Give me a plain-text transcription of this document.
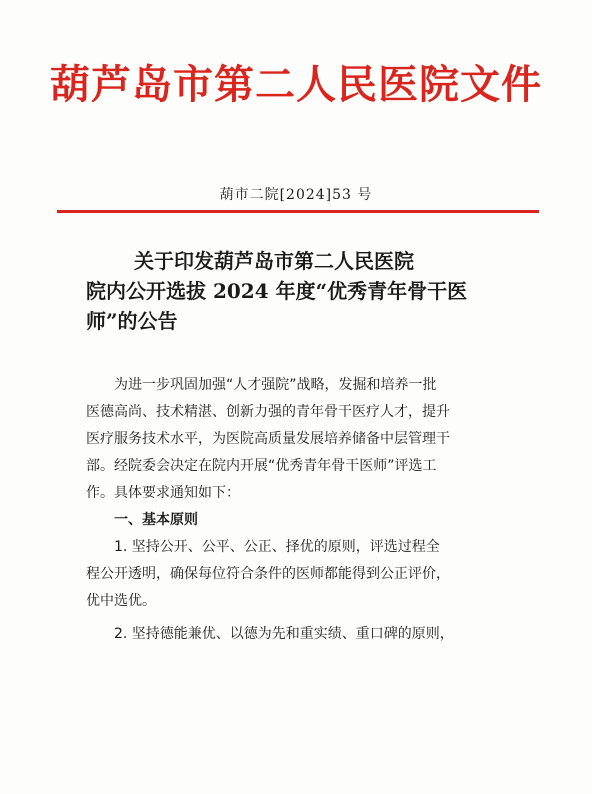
葫芦岛市第二人民医院文件
葫市二院[2024]53 号
关于印发葫芦岛市第二人民医院
院内公开选拔 2024 年度“优秀青年骨干医
师”的公告
为进一步巩固加强“人才强院”战略，发掘和培养一批
医德高尚、技术精湛、创新力强的青年骨干医疗人才，提升
医疗服务技术水平，为医院高质量发展培养储备中层管理干
部。经院委会决定在院内开展“优秀青年骨干医师”评选工
作。具体要求通知如下：
一、基本原则
1. 坚持公开、公平、公正、择优的原则，评选过程全
程公开透明，确保每位符合条件的医师都能得到公正评价，
优中选优。
2. 坚持德能兼优、以德为先和重实绩、重口碑的原则，
